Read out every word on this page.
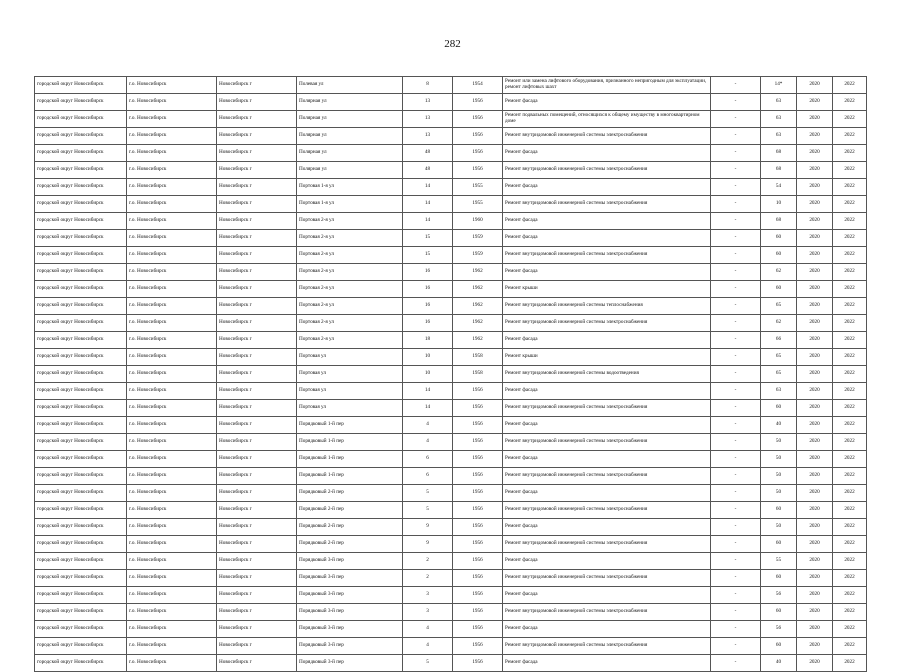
282
городской округ Новосибирск	г.о. Новосибирск	Новосибирск г	Полевая ул	8	1954	Ремонт или замена лифтового оборудования, признанного непригодным для эксплуатации, ремонт лифтовых шахт	-	14*	2020	2022
городской округ Новосибирск	г.о. Новосибирск	Новосибирск г	Полярная ул	13	1956	Ремонт фасада	-	63	2020	2022
городской округ Новосибирск	г.о. Новосибирск	Новосибирск г	Полярная ул	13	1956	Ремонт подвальных помещений, относящихся к общему имуществу в многоквартирном доме	-	63	2020	2022
городской округ Новосибирск	г.о. Новосибирск	Новосибирск г	Полярная ул	13	1956	Ремонт внутридомовой инженерной системы электроснабжения	-	63	2020	2022
городской округ Новосибирск	г.о. Новосибирск	Новосибирск г	Полярная ул	48	1956	Ремонт фасада	-	68	2020	2022
городской округ Новосибирск	г.о. Новосибирск	Новосибирск г	Полярная ул	48	1956	Ремонт внутридомовой инженерной системы электроснабжения	-	68	2020	2022
городской округ Новосибирск	г.о. Новосибирск	Новосибирск г	Портовая 1-я ул	14	1955	Ремонт фасада	-	54	2020	2022
городской округ Новосибирск	г.о. Новосибирск	Новосибирск г	Портовая 1-я ул	14	1955	Ремонт внутридомовой инженерной системы электроснабжения	-	10	2020	2022
городской округ Новосибирск	г.о. Новосибирск	Новосибирск г	Портовая 2-я ул	14	1960	Ремонт фасада	-	68	2020	2022
городской округ Новосибирск	г.о. Новосибирск	Новосибирск г	Портовая 2-я ул	15	1959	Ремонт фасада	-	60	2020	2022
городской округ Новосибирск	г.о. Новосибирск	Новосибирск г	Портовая 2-я ул	15	1959	Ремонт внутридомовой инженерной системы электроснабжения	-	60	2020	2022
городской округ Новосибирск	г.о. Новосибирск	Новосибирск г	Портовая 2-я ул	16	1962	Ремонт фасада	-	62	2020	2022
городской округ Новосибирск	г.о. Новосибирск	Новосибирск г	Портовая 2-я ул	16	1962	Ремонт крыши	-	60	2020	2022
городской округ Новосибирск	г.о. Новосибирск	Новосибирск г	Портовая 2-я ул	16	1962	Ремонт внутридомовой инженерной системы теплоснабжения	-	65	2020	2022
городской округ Новосибирск	г.о. Новосибирск	Новосибирск г	Портовая 2-я ул	16	1962	Ремонт внутридомовой инженерной системы электроснабжения	-	62	2020	2022
городской округ Новосибирск	г.о. Новосибирск	Новосибирск г	Портовая 2-я ул	18	1962	Ремонт фасада	-	66	2020	2022
городской округ Новосибирск	г.о. Новосибирск	Новосибирск г	Портовая ул	10	1958	Ремонт крыши	-	65	2020	2022
городской округ Новосибирск	г.о. Новосибирск	Новосибирск г	Портовая ул	10	1958	Ремонт внутридомовой инженерной системы водоотведения	-	65	2020	2022
городской округ Новосибирск	г.о. Новосибирск	Новосибирск г	Портовая ул	14	1956	Ремонт фасада	-	63	2020	2022
городской округ Новосибирск	г.о. Новосибирск	Новосибирск г	Портовая ул	14	1956	Ремонт внутридомовой инженерной системы электроснабжения	-	60	2020	2022
городской округ Новосибирск	г.о. Новосибирск	Новосибирск г	Порядковый 1-й пер	4	1956	Ремонт фасада	-	40	2020	2022
городской округ Новосибирск	г.о. Новосибирск	Новосибирск г	Порядковый 1-й пер	4	1956	Ремонт внутридомовой инженерной системы электроснабжения	-	50	2020	2022
городской округ Новосибирск	г.о. Новосибирск	Новосибирск г	Порядковый 1-й пер	6	1956	Ремонт фасада	-	50	2020	2022
городской округ Новосибирск	г.о. Новосибирск	Новосибирск г	Порядковый 1-й пер	6	1956	Ремонт внутридомовой инженерной системы электроснабжения	-	50	2020	2022
городской округ Новосибирск	г.о. Новосибирск	Новосибирск г	Порядковый 2-й пер	5	1956	Ремонт фасада	-	50	2020	2022
городской округ Новосибирск	г.о. Новосибирск	Новосибирск г	Порядковый 2-й пер	5	1956	Ремонт внутридомовой инженерной системы электроснабжения	-	60	2020	2022
городской округ Новосибирск	г.о. Новосибирск	Новосибирск г	Порядковый 2-й пер	9	1956	Ремонт фасада	-	50	2020	2022
городской округ Новосибирск	г.о. Новосибирск	Новосибирск г	Порядковый 2-й пер	9	1956	Ремонт внутридомовой инженерной системы электроснабжения	-	60	2020	2022
городской округ Новосибирск	г.о. Новосибирск	Новосибирск г	Порядковый 3-й пер	2	1956	Ремонт фасада	-	55	2020	2022
городской округ Новосибирск	г.о. Новосибирск	Новосибирск г	Порядковый 3-й пер	2	1956	Ремонт внутридомовой инженерной системы электроснабжения	-	60	2020	2022
городской округ Новосибирск	г.о. Новосибирск	Новосибирск г	Порядковый 3-й пер	3	1956	Ремонт фасада	-	56	2020	2022
городской округ Новосибирск	г.о. Новосибирск	Новосибирск г	Порядковый 3-й пер	3	1956	Ремонт внутридомовой инженерной системы электроснабжения	-	60	2020	2022
городской округ Новосибирск	г.о. Новосибирск	Новосибирск г	Порядковый 3-й пер	4	1956	Ремонт фасада	-	56	2020	2022
городской округ Новосибирск	г.о. Новосибирск	Новосибирск г	Порядковый 3-й пер	4	1956	Ремонт внутридомовой инженерной системы электроснабжения	-	60	2020	2022
городской округ Новосибирск	г.о. Новосибирск	Новосибирск г	Порядковый 3-й пер	5	1956	Ремонт фасада	-	40	2020	2022
